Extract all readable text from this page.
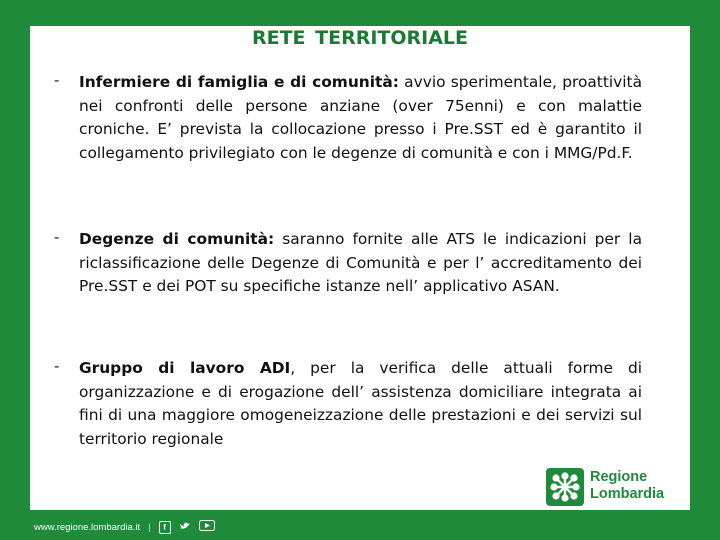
RETE TERRITORIALE
- Infermiere di famiglia e di comunità: avvio sperimentale, proattività nei confronti delle persone anziane (over 75enni) e con malattie croniche. E’ prevista la collocazione presso i Pre.SST ed è garantito il collegamento privilegiato con le degenze di comunità e con i MMG/Pd.F.
- Degenze di comunità: saranno fornite alle ATS le indicazioni per la riclassificazione delle Degenze di Comunità e per l’ accreditamento dei Pre.SST e dei POT su specifiche istanze nell’ applicativo ASAN.
- Gruppo di lavoro ADI, per la verifica delle attuali forme di organizzazione e di erogazione dell’ assistenza domiciliare integrata ai fini di una maggiore omogeneizzazione delle prestazioni e dei servizi sul territorio regionale
Regione
Lombardia
www.regione.lombardia.it |	f
